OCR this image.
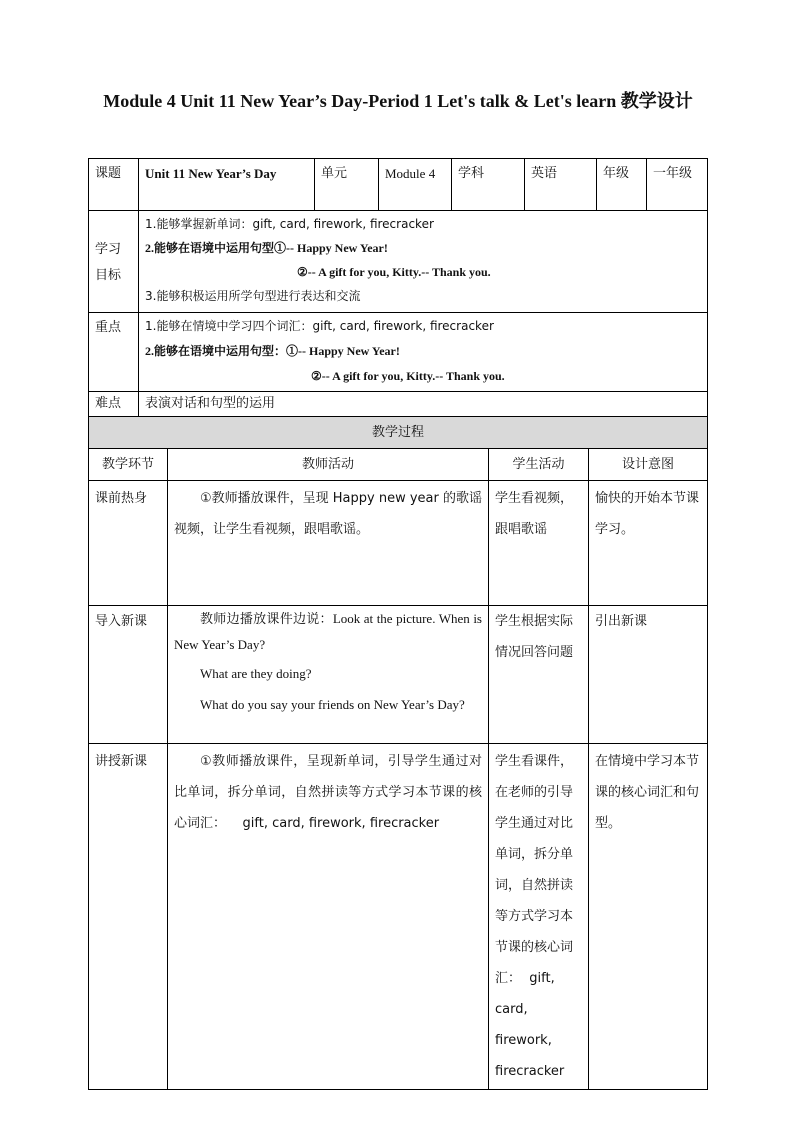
Module 4 Unit 11 New Year’s Day-Period 1 Let's talk & Let's learn 教学设计
课题	Unit 11 New Year’s Day	单元	Module 4	学科	英语	年级	一年级

学习目标	1.能够掌握新单词：gift, card, firework, firecracker
2.能够在语境中运用句型①-- Happy New Year!
②-- A gift for you, Kitty.-- Thank you.
3.能够积极运用所学句型进行表达和交流						

重点	1.能够在情境中学习四个词汇：gift, card, firework, firecracker
2.能够在语境中运用句型：①-- Happy New Year!
②-- A gift for you, Kitty.-- Thank you.						

难点	表演对话和句型的运用						
教学过程			
教学环节	教师活动	学生活动	设计意图
课前热身	①教师播放课件，呈现 Happy new year 的歌谣视频，让学生看视频，跟唱歌谣。	学生看视频，跟唱歌谣	愉快的开始本节课学习。
导入新课	教师边播放课件边说：Look at the picture. When is New Year’s Day?
What are they doing?
What do you say your friends on New Year’s Day?	学生根据实际情况回答问题	引出新课
讲授新课	①教师播放课件，呈现新单词，引导学生通过对比单词，拆分单词，自然拼读等方式学习本节课的核心词汇：    gift, card, firework, firecracker	学生看课件，在老师的引导学生通过对比单词，拆分单词，自然拼读等方式学习本节课的核心词汇：  gift, card, firework, firecracker	在情境中学习本节课的核心词汇和句型。
